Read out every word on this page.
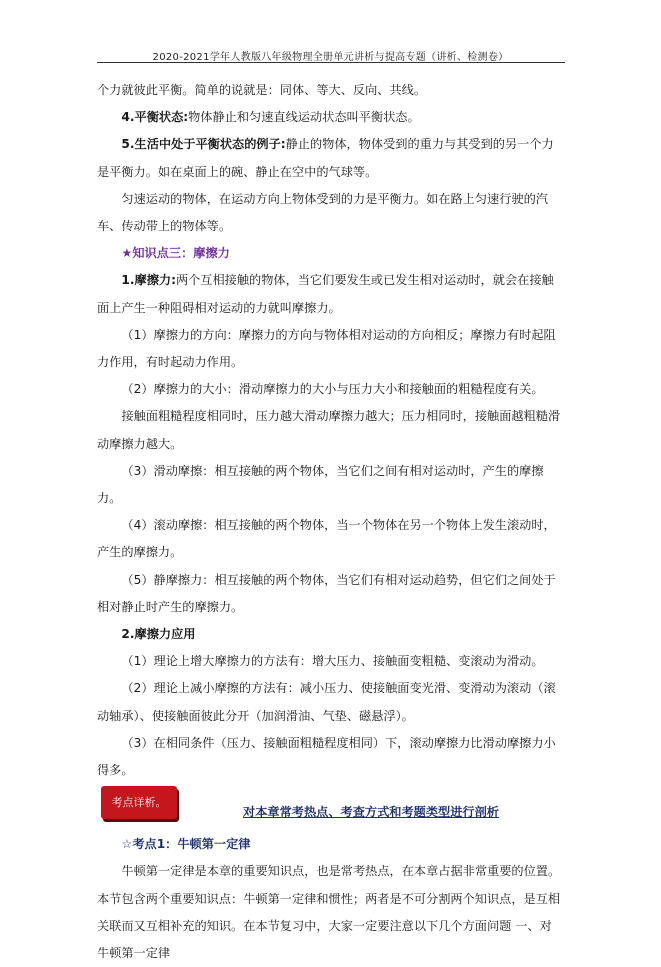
2020-2021学年人教版八年级物理全册单元讲析与提高专题（讲析、检测卷）

个力就彼此平衡。简单的说就是：同体、等大、反向、共线。

4.平衡状态:物体静止和匀速直线运动状态叫平衡状态。

5.生活中处于平衡状态的例子:静止的物体，物体受到的重力与其受到的另一个力是平衡力。如在桌面上的碗、静止在空中的气球等。

匀速运动的物体，在运动方向上物体受到的力是平衡力。如在路上匀速行驶的汽车、传动带上的物体等。

★知识点三：摩擦力

1.摩擦力:两个互相接触的物体，当它们要发生或已发生相对运动时，就会在接触面上产生一种阻碍相对运动的力就叫摩擦力。

（1）摩擦力的方向：摩擦力的方向与物体相对运动的方向相反；摩擦力有时起阻力作用，有时起动力作用。

（2）摩擦力的大小：滑动摩擦力的大小与压力大小和接触面的粗糙程度有关。

接触面粗糙程度相同时，压力越大滑动摩擦力越大；压力相同时，接触面越粗糙滑动摩擦力越大。

（3）滑动摩擦：相互接触的两个物体，当它们之间有相对运动时，产生的摩擦力。

（4）滚动摩擦：相互接触的两个物体，当一个物体在另一个物体上发生滚动时，产生的摩擦力。

（5）静摩擦力：相互接触的两个物体，当它们有相对运动趋势，但它们之间处于相对静止时产生的摩擦力。

2.摩擦力应用

（1）理论上增大摩擦力的方法有：增大压力、接触面变粗糙、变滚动为滑动。

（2）理论上减小摩擦的方法有：减小压力、使接触面变光滑、变滑动为滚动（滚动轴承）、使接触面彼此分开（加润滑油、气垫、磁悬浮）。

（3）在相同条件（压力、接触面粗糙程度相同）下，滚动摩擦力比滑动摩擦力小得多。

考点详析。
对本章常考热点、考查方式和考题类型进行剖析

☆考点1：牛顿第一定律

牛顿第一定律是本章的重要知识点，也是常考热点，在本章占据非常重要的位置。本节包含两个重要知识点：牛顿第一定律和惯性；两者是不可分割两个知识点，是互相关联而又互相补充的知识。在本节复习中，大家一定要注意以下几个方面问题 一、对牛顿第一定律
